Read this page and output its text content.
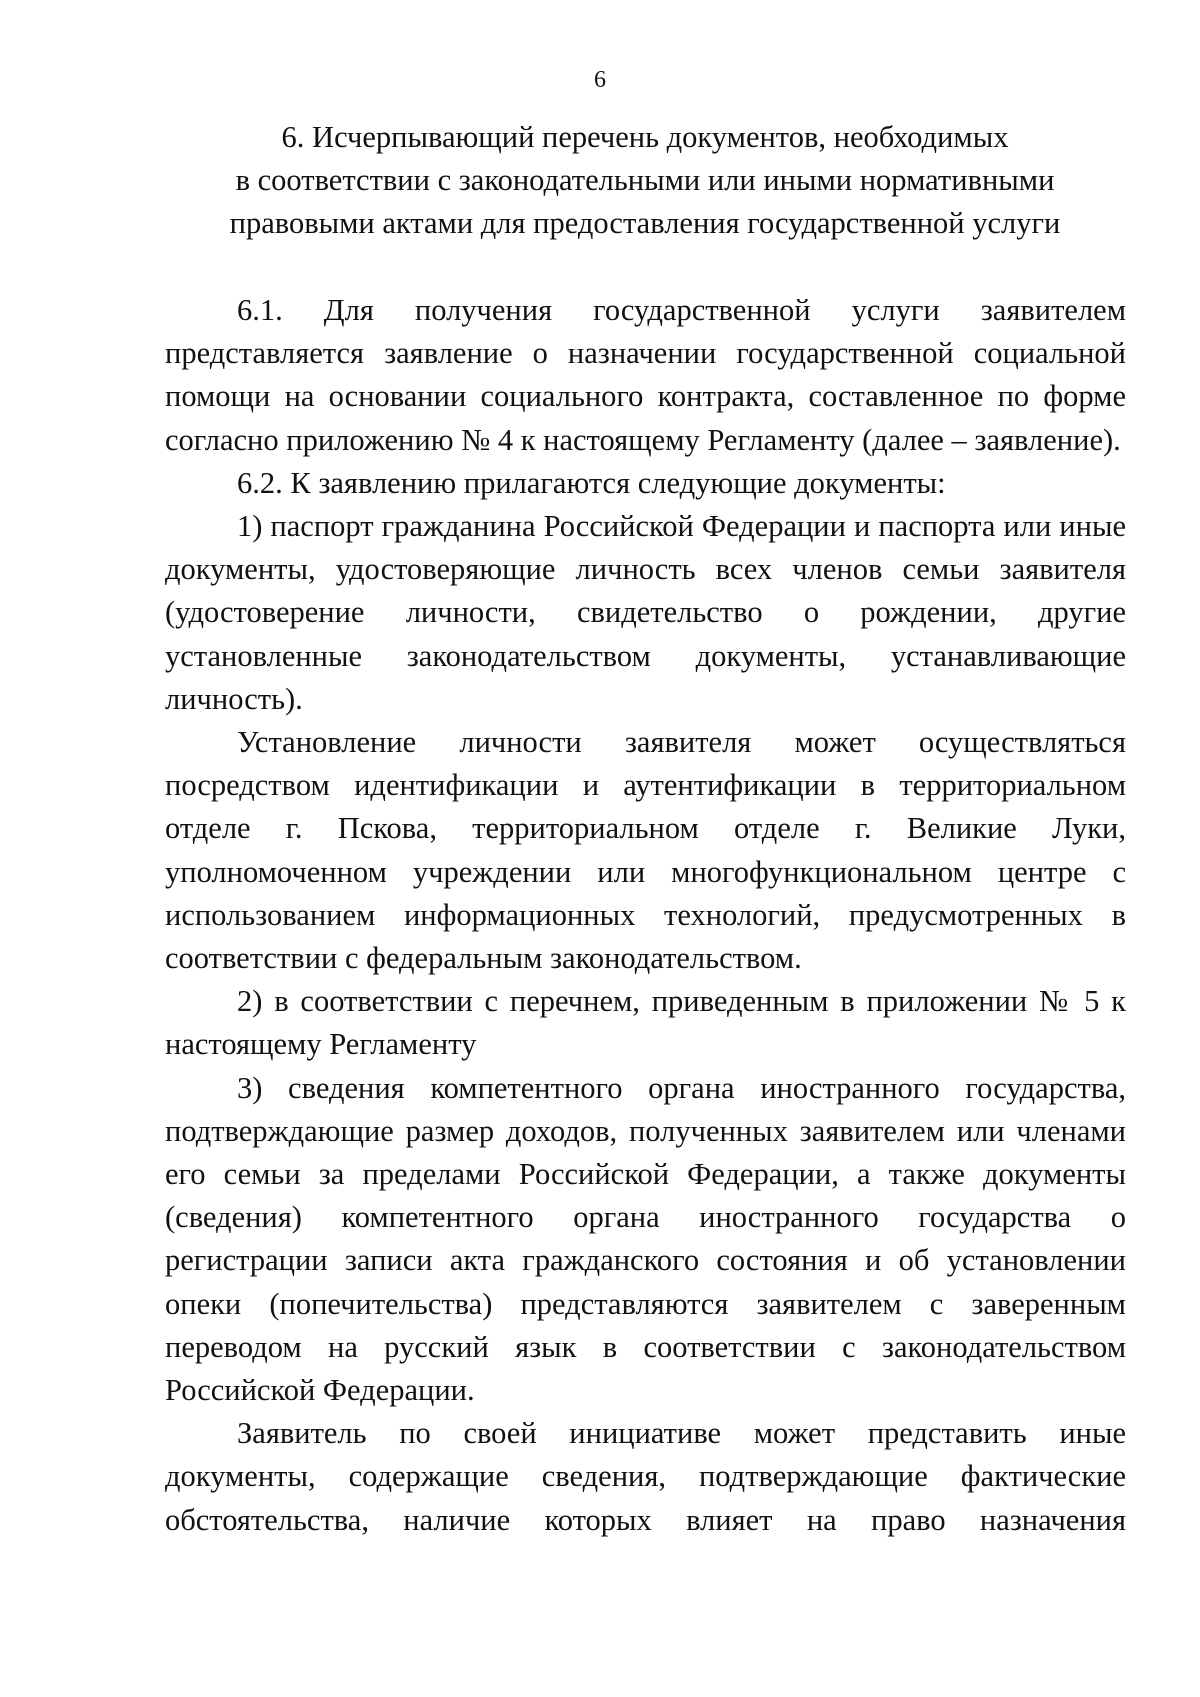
6
6. Исчерпывающий перечень документов, необходимых
в соответствии с законодательными или иными нормативными
правовыми актами для предоставления государственной услуги

6.1. Для получения государственной услуги заявителем представляется заявление о назначении государственной социальной помощи на основании социального контракта, составленное по форме согласно приложению № 4 к настоящему Регламенту (далее – заявление).

6.2. К заявлению прилагаются следующие документы:

1) паспорт гражданина Российской Федерации и паспорта или иные документы, удостоверяющие личность всех членов семьи заявителя (удостоверение личности, свидетельство о рождении, другие установленные законодательством документы, устанавливающие личность).

Установление личности заявителя может осуществляться посредством идентификации и аутентификации в территориальном отделе г. Пскова, территориальном отделе г. Великие Луки, уполномоченном учреждении или многофункциональном центре с использованием информационных технологий, предусмотренных в соответствии с федеральным законодательством.

2) в соответствии с перечнем, приведенным в приложении № 5 к настоящему Регламенту

3) сведения компетентного органа иностранного государства, подтверждающие размер доходов, полученных заявителем или членами его семьи за пределами Российской Федерации, а также документы (сведения) компетентного органа иностранного государства о регистрации записи акта гражданского состояния и об установлении опеки (попечительства) представляются заявителем с заверенным переводом на русский язык в соответствии с законодательством Российской Федерации.

Заявитель по своей инициативе может представить иные документы, содержащие сведения, подтверждающие фактические обстоятельства, наличие которых влияет на право назначения
